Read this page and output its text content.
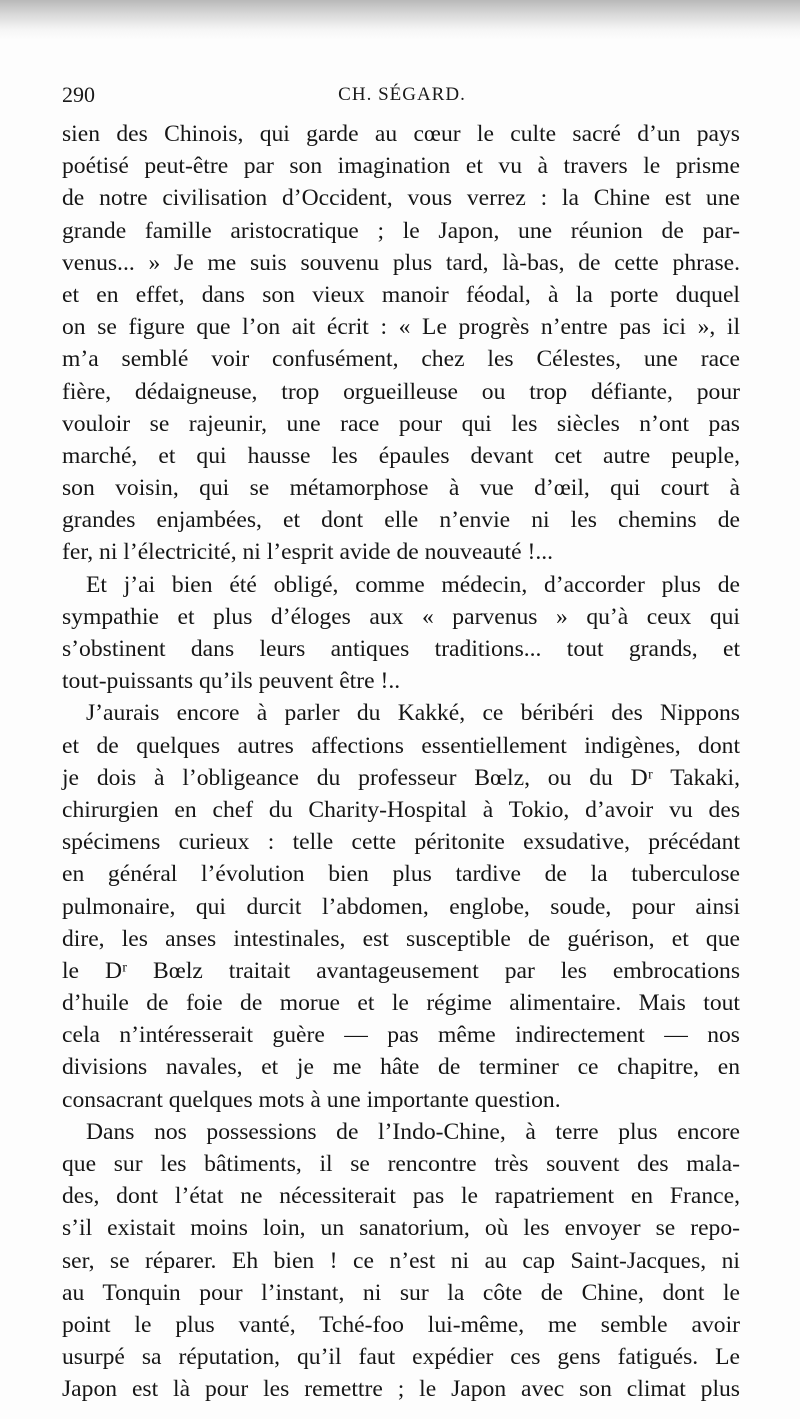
290	CH. SÉGARD.
sien des Chinois, qui garde au cœur le culte sacré d’un pays
poétisé peut-être par son imagination et vu à travers le prisme
de notre civilisation d’Occident, vous verrez : la Chine est une
grande famille aristocratique ; le Japon, une réunion de par-
venus... » Je me suis souvenu plus tard, là-bas, de cette phrase.
et en effet, dans son vieux manoir féodal, à la porte duquel
on se figure que l’on ait écrit : « Le progrès n’entre pas ici », il
m’a semblé voir confusément, chez les Célestes, une race
fière, dédaigneuse, trop orgueilleuse ou trop défiante, pour
vouloir se rajeunir, une race pour qui les siècles n’ont pas
marché, et qui hausse les épaules devant cet autre peuple,
son voisin, qui se métamorphose à vue d’œil, qui court à
grandes enjambées, et dont elle n’envie ni les chemins de
fer, ni l’électricité, ni l’esprit avide de nouveauté !...
Et j’ai bien été obligé, comme médecin, d’accorder plus de
sympathie et plus d’éloges aux « parvenus » qu’à ceux qui
s’obstinent dans leurs antiques traditions... tout grands, et
tout-puissants qu’ils peuvent être !..
J’aurais encore à parler du Kakké, ce béribéri des Nippons
et de quelques autres affections essentiellement indigènes, dont
je dois à l’obligeance du professeur Bœlz, ou du Dʳ Takaki,
chirurgien en chef du Charity-Hospital à Tokio, d’avoir vu des
spécimens curieux : telle cette péritonite exsudative, précédant
en général l’évolution bien plus tardive de la tuberculose
pulmonaire, qui durcit l’abdomen, englobe, soude, pour ainsi
dire, les anses intestinales, est susceptible de guérison, et que
le Dʳ Bœlz traitait avantageusement par les embrocations
d’huile de foie de morue et le régime alimentaire. Mais tout
cela n’intéresserait guère — pas même indirectement — nos
divisions navales, et je me hâte de terminer ce chapitre, en
consacrant quelques mots à une importante question.
Dans nos possessions de l’Indo-Chine, à terre plus encore
que sur les bâtiments, il se rencontre très souvent des mala-
des, dont l’état ne nécessiterait pas le rapatriement en France,
s’il existait moins loin, un sanatorium, où les envoyer se repo-
ser, se réparer. Eh bien ! ce n’est ni au cap Saint-Jacques, ni
au Tonquin pour l’instant, ni sur la côte de Chine, dont le
point le plus vanté, Tché-foo lui-même, me semble avoir
usurpé sa réputation, qu’il faut expédier ces gens fatigués. Le
Japon est là pour les remettre ; le Japon avec son climat plus
